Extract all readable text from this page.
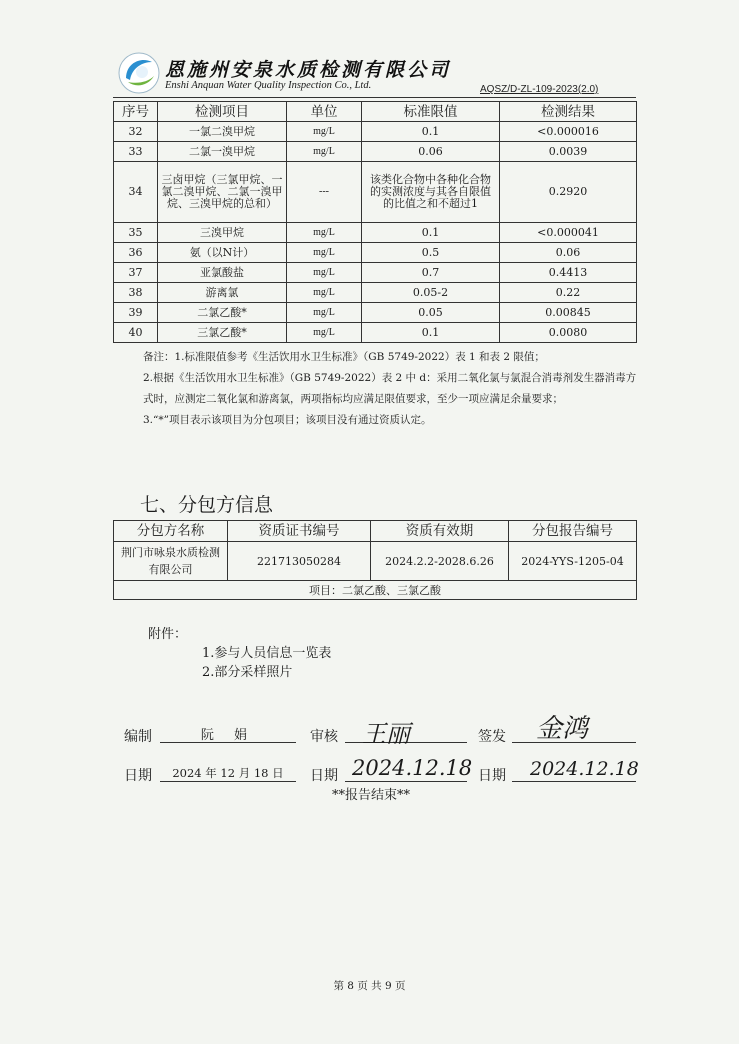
恩施州安泉水质检测有限公司
Enshi Anquan Water Quality Inspection Co., Ltd.	AQSZ/D-ZL-109-2023(2.0)
序号	检测项目	单位	标准限值	检测结果
32	一氯二溴甲烷	mg/L	0.1	<0.000016
33	二氯一溴甲烷	mg/L	0.06	0.0039
34	三卤甲烷（三氯甲烷、一氯二溴甲烷、二氯一溴甲烷、三溴甲烷的总和）	---	该类化合物中各种化合物的实测浓度与其各自限值的比值之和不超过1	0.2920
35	三溴甲烷	mg/L	0.1	<0.000041
36	氨（以N计）	mg/L	0.5	0.06
37	亚氯酸盐	mg/L	0.7	0.4413
38	游离氯	mg/L	0.05-2	0.22
39	二氯乙酸*	mg/L	0.05	0.00845
40	三氯乙酸*	mg/L	0.1	0.0080

备注：1.标准限值参考《生活饮用水卫生标准》（GB 5749-2022）表 1 和表 2 限值；

2.根据《生活饮用水卫生标准》（GB 5749-2022）表 2 中 d：采用二氧化氯与氯混合消毒剂发生器消毒方式时，应测定二氧化氯和游离氯，两项指标均应满足限值要求，至少一项应满足余量要求；

3.“*”项目表示该项目为分包项目；该项目没有通过资质认定。

七、分包方信息
分包方名称	资质证书编号	资质有效期	分包报告编号
荆门市咏泉水质检测有限公司	221713050284	2024.2.2-2028.6.26	2024-YYS-1205-04
项目：二氯乙酸、三氯乙酸			
附件：
1.参与人员信息一览表
2.部分采样照片
编制	阮 娟	审核 王丽	签发 金鸿
日期	2024 年 12 月 18 日	日期 2024.12.18 日期 2024.12.18
**报告结束**
第 8 页 共 9 页
